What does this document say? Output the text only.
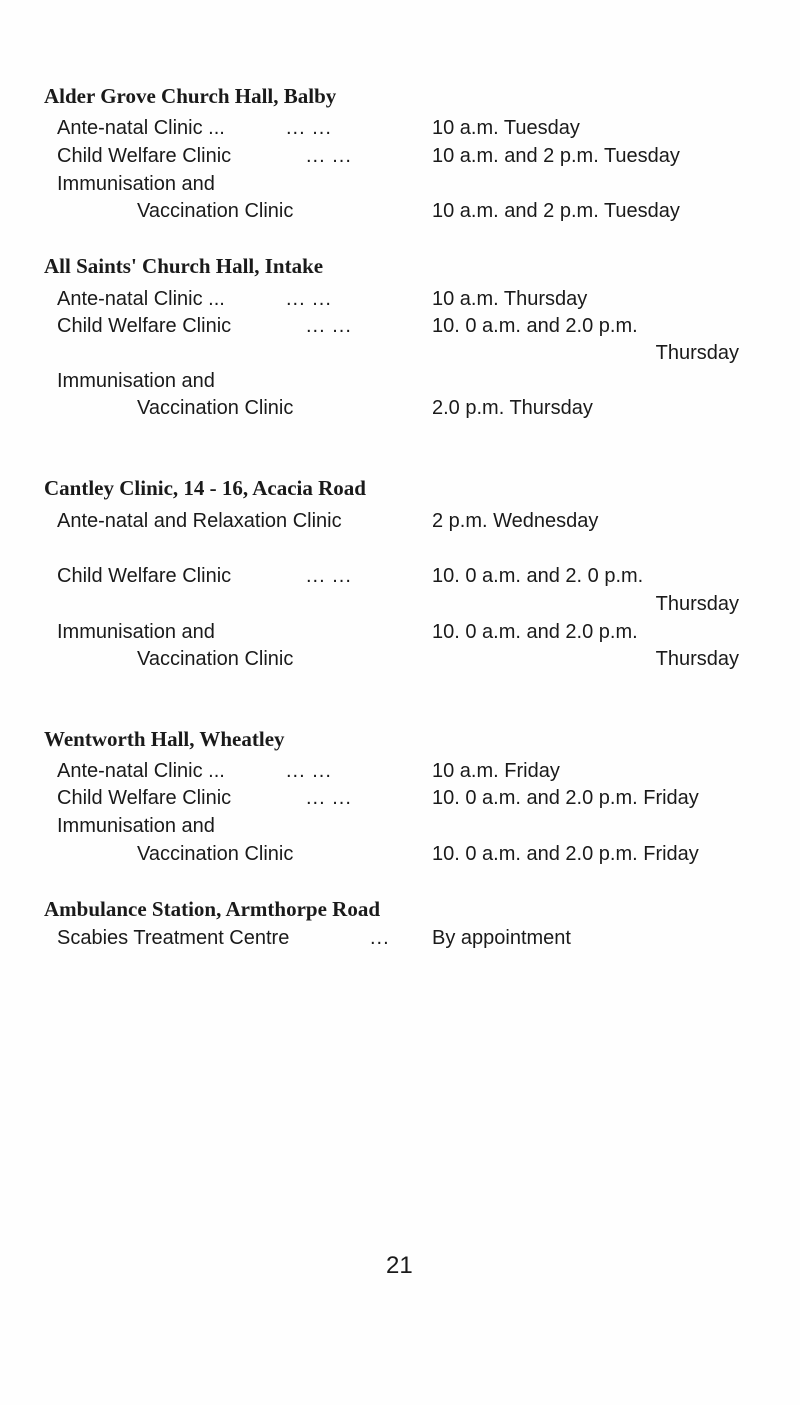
Alder Grove Church Hall, Balby
Ante-natal Clinic ...	... ...	10 a.m. Tuesday
Child Welfare Clinic	... ...	10 a.m. and 2 p.m. Tuesday
Immunisation and
Vaccination Clinic	10 a.m. and 2 p.m. Tuesday
All Saints' Church Hall, Intake
Ante-natal Clinic ...	... ...	10 a.m. Thursday
Child Welfare Clinic	... ...	10. 0 a.m. and 2.0 p.m.
Thursday
Immunisation and
Vaccination Clinic	2.0 p.m. Thursday
Cantley Clinic, 14 - 16, Acacia Road
Ante-natal and Relaxation Clinic	2 p.m. Wednesday
Child Welfare Clinic	... ...	10. 0 a.m. and 2. 0 p.m.
Thursday
Immunisation and	10. 0 a.m. and 2.0 p.m.
Vaccination Clinic	Thursday
Wentworth Hall, Wheatley
Ante-natal Clinic ...	... ...	10 a.m. Friday
Child Welfare Clinic	... ...	10. 0 a.m. and 2.0 p.m. Friday
Immunisation and
Vaccination Clinic	10. 0 a.m. and 2.0 p.m. Friday
Ambulance Station, Armthorpe Road
Scabies Treatment Centre	... By appointment
21
